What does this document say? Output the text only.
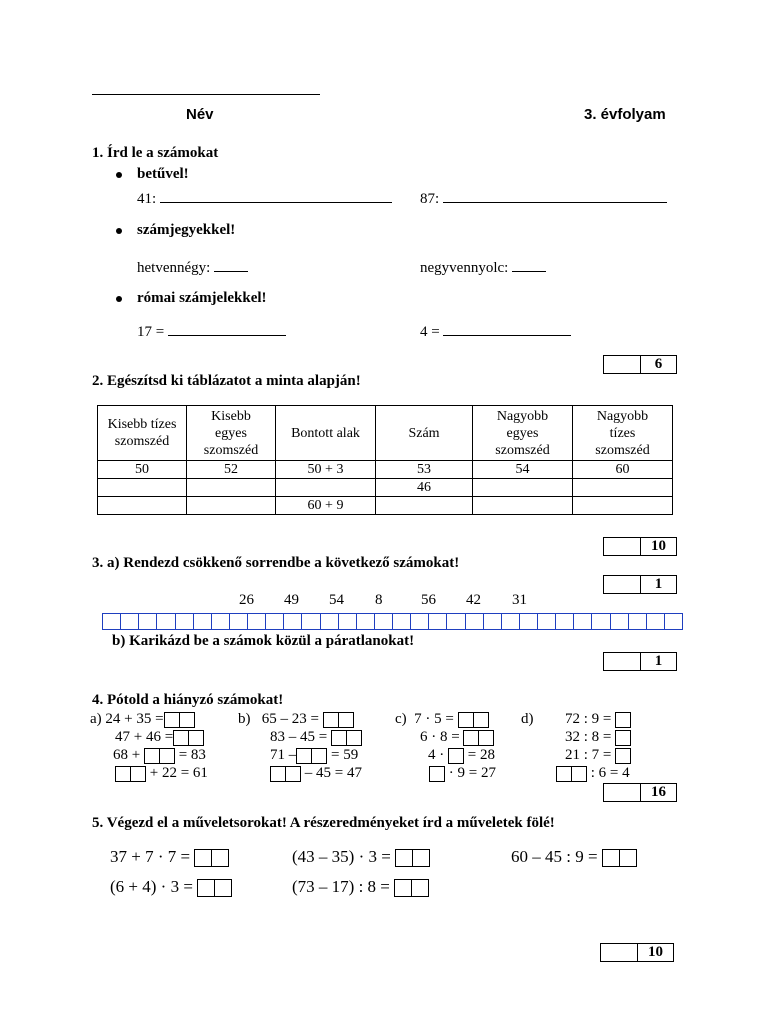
Név	3. évfolyam
1. Írd le a számokat
betűvel!
41:	87:
számjegyekkel!
hetvennégy:	negyvennyolc:
római számjelekkel!
17 =	4 =
6
2. Egészítsd ki táblázatot a minta alapján!
Kisebb tízes szomszéd	Kisebb egyes szomszéd	Bontott alak	Szám	Nagyobb egyes szomszéd	Nagyobb tízes szomszéd
50	52	50 + 3	53	54	60
			46		
		60 + 9			
10
3. a) Rendezd csökkenő sorrendbe a következő számokat!
1
26 49 54 8	56 42 31
b) Karikázd be a számok közül a páratlanokat!
1
4. Pótold a hiányzó számokat!
a) 24 + 35 =
47 + 46 =
68 +	= 83
+ 22 = 61
b) 65 – 23 =
83 – 45 =
71 – = 59
– 45 = 47
c) 7 · 5 =
6 · 8 =
4 · = 28
· 9 = 27
d) 72 : 9 =
32 : 8 =
21 : 7 =
: 6 = 4
16
5. Végezd el a műveletsorokat! A részeredményeket írd a műveletek fölé!
37 + 7 · 7 =	(43 – 35) · 3 =	60 – 45 : 9 =
(6 + 4) · 3 =	(73 – 17) : 8 =
10
